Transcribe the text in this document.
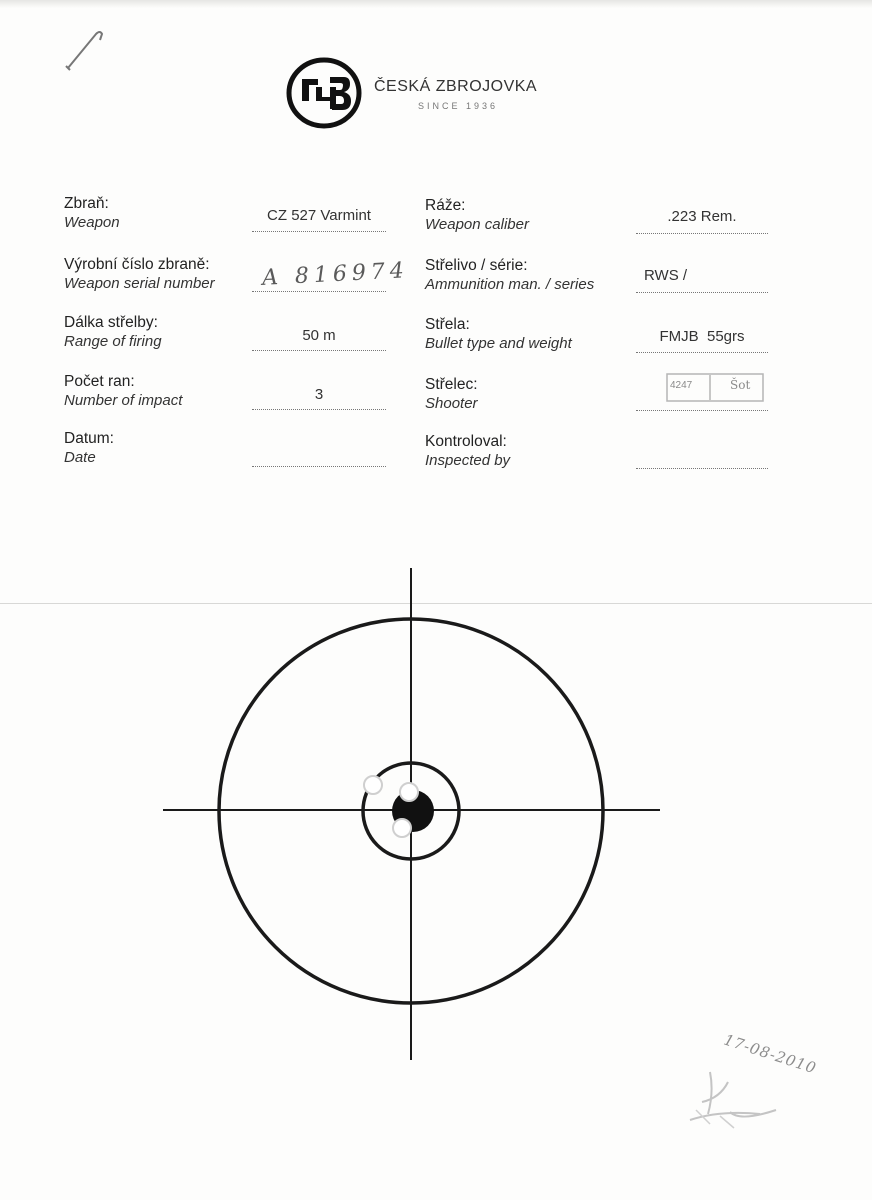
ČESKÁ ZBROJOVKA
SINCE 1936
Zbraň:
Weapon	CZ 527 Varmint
Výrobní číslo zbraně:
Weapon serial number A 816974
Dálka střelby:
Range of firing	50 m
Počet ran:
Number of impact	3
Datum:
Date
Ráže:
Weapon caliber	.223 Rem.
Střelivo / série:
Ammunition man. / series
RWS /
Střela:
Bullet type and weight	FMJB  55grs
Střelec:
Shooter
4247	Šot
Kontroloval:
Inspected by
17-08-2010
